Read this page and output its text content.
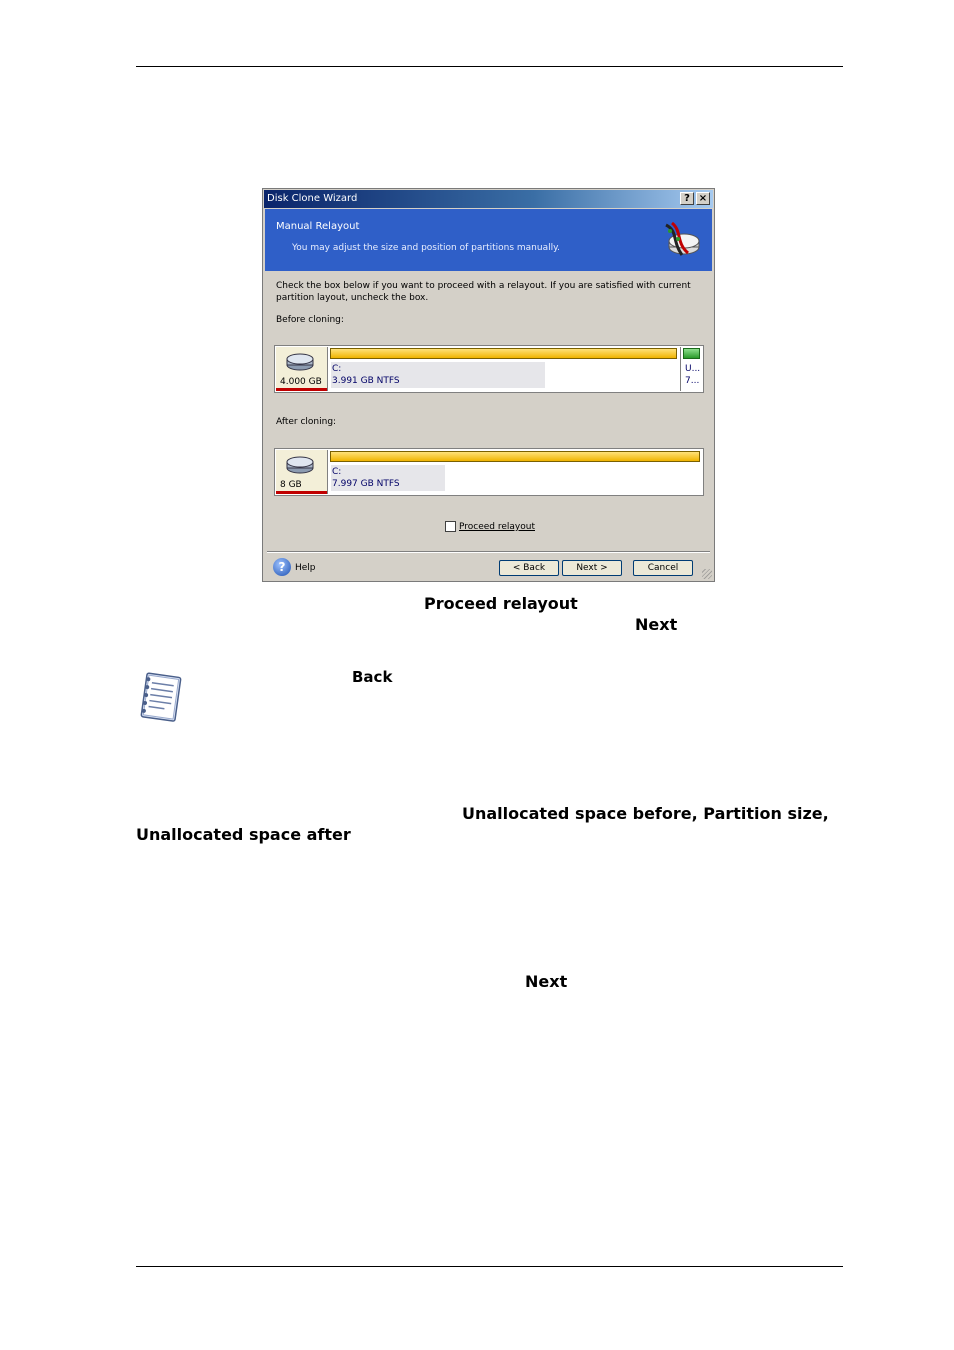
Disk Clone Wizard	? ×
Manual Relayout
You may adjust the size and position of partitions manually.
Check the box below if you want to proceed with a relayout. If you are satisfied with current partition layout, uncheck the box.
Before cloning:
4.000 GB
C:
3.991 GB NTFS
U...
7...
After cloning:
8 GB
C:
7.997 GB NTFS
Proceed relayout
?	Help	< Back	Next >	Cancel
Proceed relayout
Next
Back
Unallocated space before, Partition size,
Unallocated space after
Next
